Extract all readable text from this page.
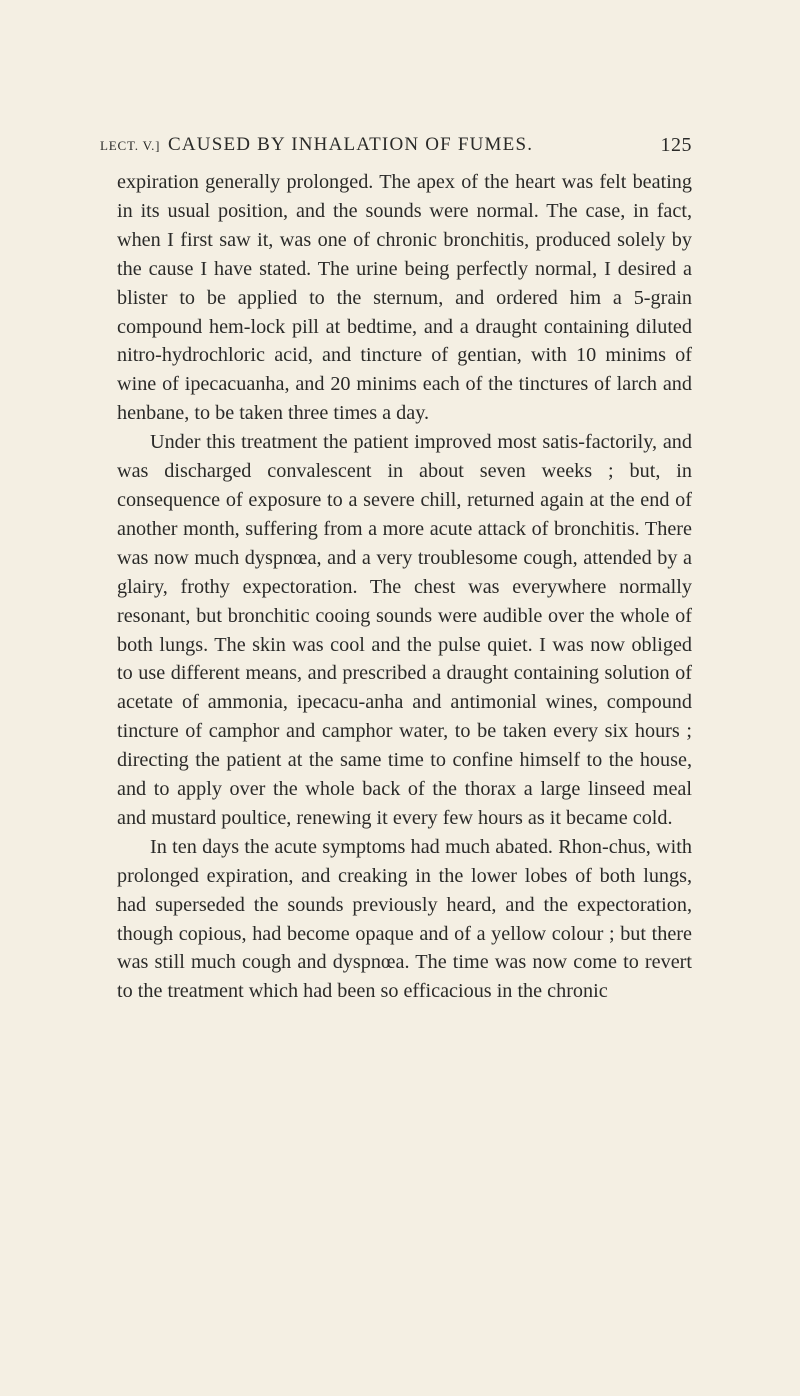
LECT. V.] CAUSED BY INHALATION OF FUMES.	125

expiration generally prolonged. The apex of the heart was felt beating in its usual position, and the sounds were normal. The case, in fact, when I first saw it, was one of chronic bronchitis, produced solely by the cause I have stated. The urine being perfectly normal, I desired a blister to be applied to the sternum, and ordered him a 5-grain compound hem-lock pill at bedtime, and a draught containing diluted nitro-hydrochloric acid, and tincture of gentian, with 10 minims of wine of ipecacuanha, and 20 minims each of the tinctures of larch and henbane, to be taken three times a day.

Under this treatment the patient improved most satis-factorily, and was discharged convalescent in about seven weeks ; but, in consequence of exposure to a severe chill, returned again at the end of another month, suffering from a more acute attack of bronchitis. There was now much dyspnœa, and a very troublesome cough, attended by a glairy, frothy expectoration. The chest was everywhere normally resonant, but bronchitic cooing sounds were audible over the whole of both lungs. The skin was cool and the pulse quiet. I was now obliged to use different means, and prescribed a draught containing solution of acetate of ammonia, ipecacu-anha and antimonial wines, compound tincture of camphor and camphor water, to be taken every six hours ; directing the patient at the same time to confine himself to the house, and to apply over the whole back of the thorax a large linseed meal and mustard poultice, renewing it every few hours as it became cold.

In ten days the acute symptoms had much abated. Rhon-chus, with prolonged expiration, and creaking in the lower lobes of both lungs, had superseded the sounds previously heard, and the expectoration, though copious, had become opaque and of a yellow colour ; but there was still much cough and dyspnœa. The time was now come to revert to the treatment which had been so efficacious in the chronic
